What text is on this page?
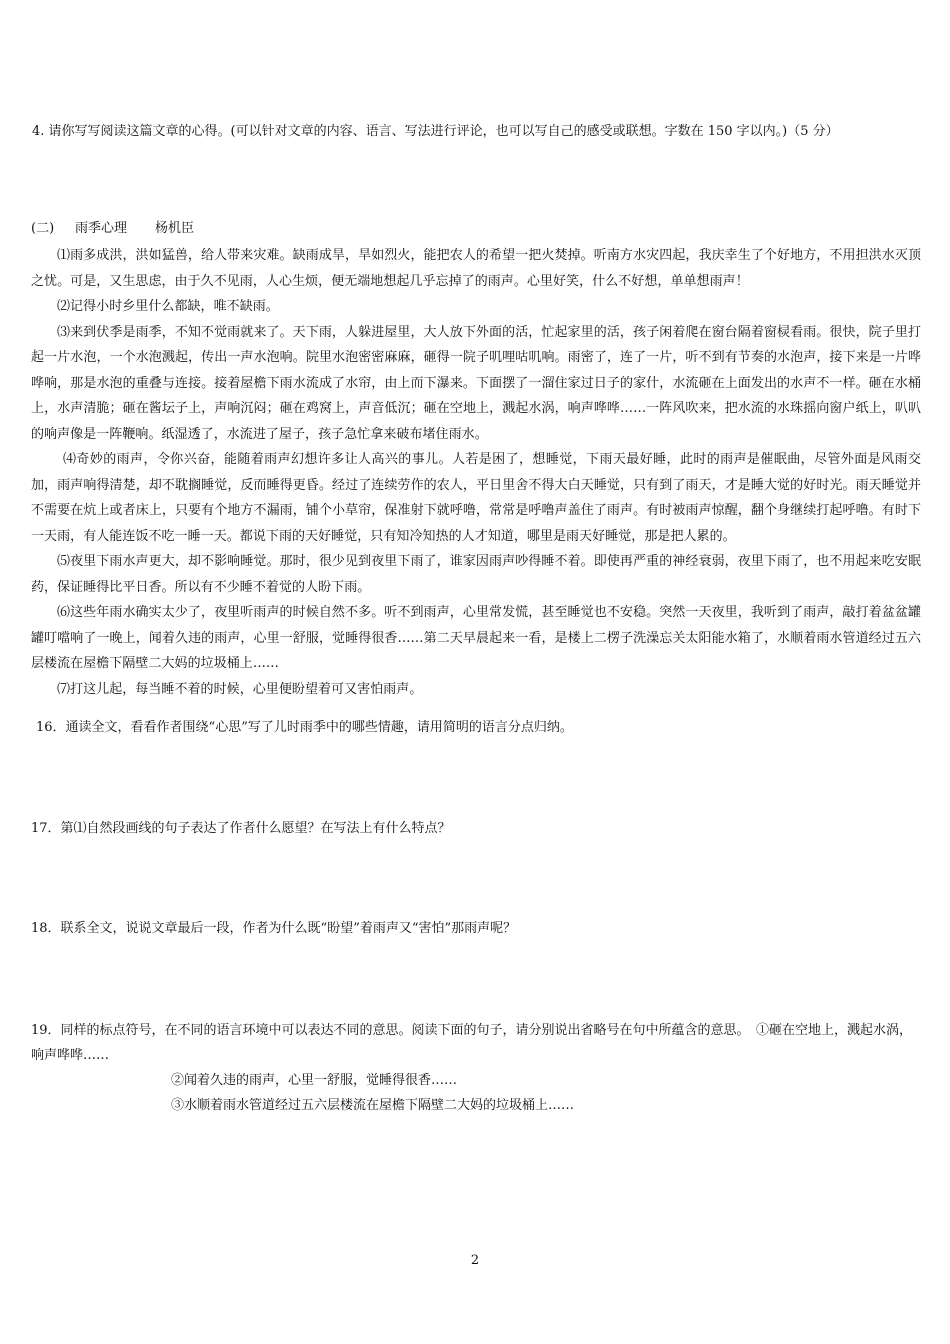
4. 请你写写阅读这篇文章的心得。(可以针对文章的内容、语言、写法进行评论，也可以写自己的感受或联想。字数在 150 字以内。)（5 分）
(二) 雨季心理 杨机臣

⑴雨多成洪，洪如猛兽，给人带来灾难。缺雨成旱，旱如烈火，能把农人的希望一把火焚掉。听南方水灾四起，我庆幸生了个好地方，不用担洪水灭顶之忧。可是，又生思虑，由于久不见雨，人心生烦，便无端地想起几乎忘掉了的雨声。心里好笑，什么不好想，单单想雨声！

⑵记得小时乡里什么都缺，唯不缺雨。

⑶来到伏季是雨季，不知不觉雨就来了。天下雨，人躲进屋里，大人放下外面的活，忙起家里的活，孩子闲着爬在窗台隔着窗棂看雨。很快，院子里打起一片水泡，一个水泡溅起，传出一声水泡响。院里水泡密密麻麻，砸得一院子叽哩咕叽响。雨密了，连了一片，听不到有节奏的水泡声，接下来是一片哗哗响，那是水泡的重叠与连接。接着屋檐下雨水流成了水帘，由上而下瀑来。下面摆了一溜住家过日子的家什，水流砸在上面发出的水声不一样。砸在水桶上，水声清脆；砸在酱坛子上，声响沉闷；砸在鸡窝上，声音低沉；砸在空地上，溅起水涡，响声哗哗……一阵风吹来，把水流的水珠摇向窗户纸上，叭叭的响声像是一阵鞭响。纸湿透了，水流进了屋子，孩子急忙拿来破布堵住雨水。

⑷奇妙的雨声，令你兴奋，能随着雨声幻想许多让人高兴的事儿。人若是困了，想睡觉，下雨天最好睡，此时的雨声是催眠曲，尽管外面是风雨交加，雨声响得清楚，却不耽搁睡觉，反而睡得更昏。经过了连续劳作的农人，平日里舍不得大白天睡觉，只有到了雨天，才是睡大觉的好时光。雨天睡觉并不需要在炕上或者床上，只要有个地方不漏雨，铺个小草帘，保准射下就呼噜，常常是呼噜声盖住了雨声。有时被雨声惊醒，翻个身继续打起呼噜。有时下一天雨，有人能连饭不吃一睡一天。都说下雨的天好睡觉，只有知冷知热的人才知道，哪里是雨天好睡觉，那是把人累的。

⑸夜里下雨水声更大，却不影响睡觉。那时，很少见到夜里下雨了，谁家因雨声吵得睡不着。即使再严重的神经衰弱，夜里下雨了，也不用起来吃安眠药，保证睡得比平日香。所以有不少睡不着觉的人盼下雨。

⑹这些年雨水确实太少了，夜里听雨声的时候自然不多。听不到雨声，心里常发慌，甚至睡觉也不安稳。突然一天夜里，我听到了雨声，敲打着盆盆罐罐叮噹响了一晚上，闻着久违的雨声，心里一舒服，觉睡得很香……第二天早晨起来一看，是楼上二楞子洗澡忘关太阳能水箱了，水顺着雨水管道经过五六层楼流在屋檐下隔壁二大妈的垃圾桶上……

⑺打这儿起，每当睡不着的时候，心里便盼望着可又害怕雨声。

16．通读全文，看看作者围绕“心思”写了儿时雨季中的哪些情趣，请用简明的语言分点归纳。
17．第⑴自然段画线的句子表达了作者什么愿望？在写法上有什么特点？
18．联系全文，说说文章最后一段，作者为什么既“盼望”着雨声又“害怕”那雨声呢？
19．同样的标点符号，在不同的语言环境中可以表达不同的意思。阅读下面的句子，请分别说出省略号在句中所蕴含的意思。　①砸在空地上，溅起水涡，响声哗哗……
②闻着久违的雨声，心里一舒服，觉睡得很香……
③水顺着雨水管道经过五六层楼流在屋檐下隔壁二大妈的垃圾桶上……
2
